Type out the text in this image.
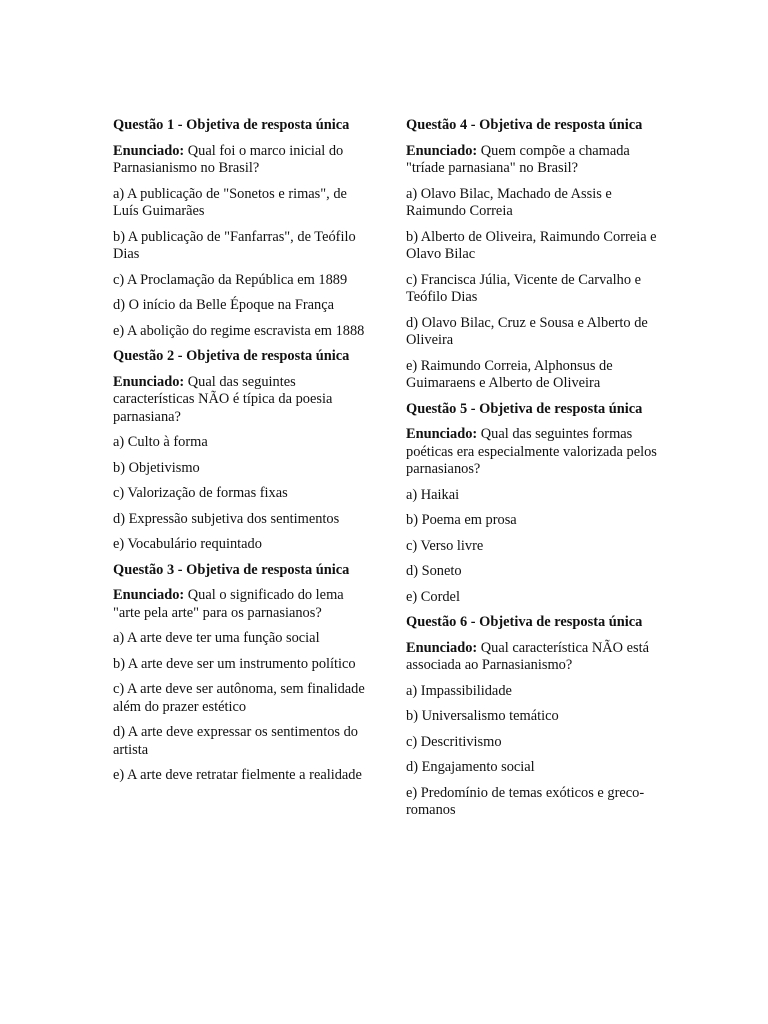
Questão 1 - Objetiva de resposta única

Enunciado: Qual foi o marco inicial do Parnasianismo no Brasil?

a) A publicação de "Sonetos e rimas", de Luís Guimarães

b) A publicação de "Fanfarras", de Teófilo Dias

c) A Proclamação da República em 1889

d) O início da Belle Époque na França

e) A abolição do regime escravista em 1888

Questão 2 - Objetiva de resposta única

Enunciado: Qual das seguintes características NÃO é típica da poesia parnasiana?

a) Culto à forma

b) Objetivismo

c) Valorização de formas fixas

d) Expressão subjetiva dos sentimentos

e) Vocabulário requintado

Questão 3 - Objetiva de resposta única

Enunciado: Qual o significado do lema "arte pela arte" para os parnasianos?

a) A arte deve ter uma função social

b) A arte deve ser um instrumento político

c) A arte deve ser autônoma, sem finalidade além do prazer estético

d) A arte deve expressar os sentimentos do artista

e) A arte deve retratar fielmente a realidade

Questão 4 - Objetiva de resposta única

Enunciado: Quem compõe a chamada "tríade parnasiana" no Brasil?

a) Olavo Bilac, Machado de Assis e Raimundo Correia

b) Alberto de Oliveira, Raimundo Correia e Olavo Bilac

c) Francisca Júlia, Vicente de Carvalho e Teófilo Dias

d) Olavo Bilac, Cruz e Sousa e Alberto de Oliveira

e) Raimundo Correia, Alphonsus de Guimaraens e Alberto de Oliveira

Questão 5 - Objetiva de resposta única

Enunciado: Qual das seguintes formas poéticas era especialmente valorizada pelos parnasianos?

a) Haikai

b) Poema em prosa

c) Verso livre

d) Soneto

e) Cordel

Questão 6 - Objetiva de resposta única

Enunciado: Qual característica NÃO está associada ao Parnasianismo?

a) Impassibilidade

b) Universalismo temático

c) Descritivismo

d) Engajamento social

e) Predomínio de temas exóticos e greco-romanos
